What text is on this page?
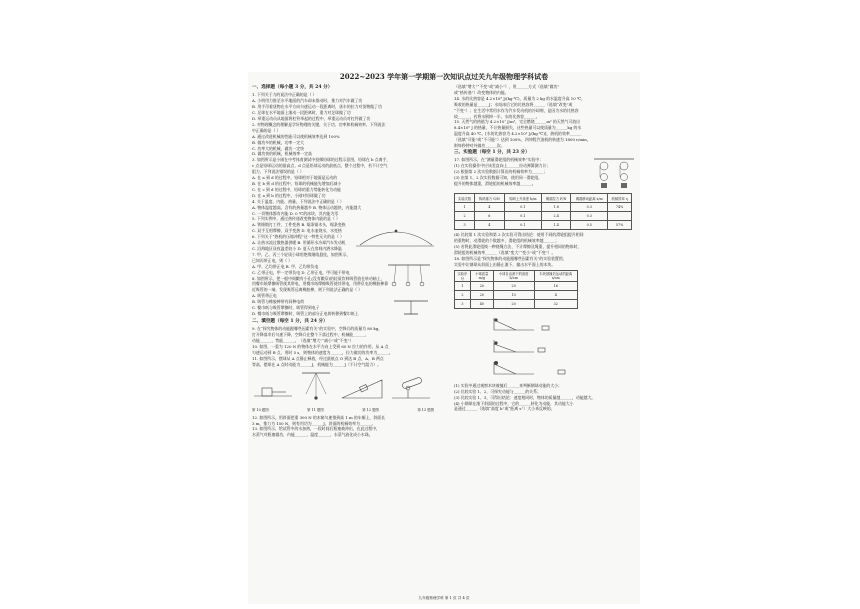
2022~2023 学年第一学期第一次知识点过关九年级物理学科试卷
一、选择题（每小题 3 分，共 24 分）
1. 下列关于力的说法中正确的是（ ）
A. 小明用力推至水平地面的汽车却未推动时，推力对汽车做了功
B. 用手吊着货物在水平方向匀速运动一段距离时，货车的拉力对货物做了功
C. 足球在水平地面上滚动一段距离时，重力对足球做了功
D. 举重运动员从地面将杠铃举起的过程中，举重运动员对杠铃做了功
2. 对物理概念的理解是学好物理的关键，关于功、功率和机械效率，下列说法
中正确的是（ ）
A. 通过改进机械的性能可以使机械效率达到 100%
B. 做功多的机械，功率一定大
C. 功率大的机械，做功一定快
D. 做功快的机械，机械效率一定高
3. 如图所示是小刚在中考体育测试中投掷铅球的过程示意图，铅球在 b 点离手，
c 点是铅球运动的最高点，d 点是铅球运动的最低点，整个过程中，若不计空气
阻力，下列说法错误的是（ ）
A. 在 a 到 d 的过程中，铅球相对于地面是运动的
B. 在 b 到 d 的过程中，铅球的机械能先增加后减小
C. 在 c 到 d 的过程中，铅球的重力势能转化为动能
D. 在 a 到 b 的过程中，小刚对铅球做了功
4. 关于温度、内能、热量，下列说法中正确的是（ ）
A. 物体温度越高，含有的热量越多 B. 物体运动越快，内能越大
C. 一切物体都有内能 D. 0 ℃的冰块，其内能为零
5. 下列实例中，通过热传递改变物体内能的是（ ）
A. 铁锤锻打工件，工件变热 B. 锯条锯木头，锯条变热
C. 双手互相摩擦，双手变热 D. 电水壶烧水，水变热
6. 下列关于“热机的压缩冲程”这一特性无关的是（ ）
A. 让热水流过散热器供暖 B. 用循环水冷却汽车发动机
C. 沿海地区昼夜温差较小 D. 夏天在房间内洒水降温
7. 甲、乙、丙三个轻质小球用绝缘细线悬挂，如图所示，
已知丙带正电，则（ ）
A. 甲、乙均带正电 B. 甲、乙均带负电
C. 乙带正电，甲一定带负电 D. 乙带正电，甲可能不带电
8. 如图所示，把一根中间戳有小孔(没有戳穿)的轻质饮料吸管放在转动轴上，
用餐巾纸摩擦吸管使其带电，用餐巾纸摩擦吸管使其带电，用带负电的橡胶棒靠
近吸管的一端，发现吸管远离橡胶棒，则下列说法正确的是（ ）
A. 吸管带正电
B. 吸管与橡胶棒带有同种电荷
C. 餐巾纸与吸管摩擦时，吸管得到电子
D. 餐巾纸与吸管摩擦时，吸管上的部分正电荷转移到餐巾纸上
二、填空题（每空 1 分，共 24 分）
9. 在“探究物体的动能跟哪些因素有关”的实验中，空降兵的质量为 80 kg，
打开降落伞后匀速下降，空降兵在整个下落过程中，机械能______，
动能______，势能______。（选填“增大”“减小”或“不变”）
10. 如图，一重为 120 N 的物体在水平方向上受到 60 N 拉力的作用，从 A 点
匀速运动到 B 点，用时 5 s，则物体的速度为______，拉力做功的功率为______。
11. 如图所示，摆球从 A 点静止释放，经过最低点 O 到达 B 点，A、B 两点
等高，摆球在 A 点时动能为______J，机械能为______J（不计空气阻力）。
第 10 题图	第 11 题图	第 12 题图	第 13 题图
12. 如图所示，用斜面把重 300 N 的木箱匀速推到高 1 m 的车厢上，斜面长
3 m，推力为 150 N，则有用功为______J，斜面的机械效率为______。
13. 如图所示，给试管中的水加热，一段时间后瓶塞被冲出，在此过程中，
水蒸气对瓶塞做功，内能______，温度______，水蒸气液化成小水珠。
（选填“增大”“不变”或“减小”），用______方式（选填“做功”
或“热传递”）改变物体的内能。
14. 水的比热容是 4.2×10³ J/(kg·℃)，质量为 2 kg 的水温度升高 10 ℃，
吸收的热量是______J；水结冰后它的比热容将______（选填“改变”或
“不变”）；在生活中常用水作为汽车发动机的冷却剂，是因为水的比热容
较______，若将水倒掉一半，水的比热容______。
15. 天然气的热值为 4.2×10⁷ J/m³，完全燃烧______m³ 的天然气可放出
8.4×10⁶ J 的热量，不计热量损失，这些热量可以使质量为______kg 的水
温度升高 40 ℃。[水的比热容为 4.2×10³ J/(kg·℃)]，热机的效率______
（选填“可能”或“不可能”）达到 100%，四冲程汽油机的转速为 1800 r/min，
则每秒钟对外做功______次。
三、实验题（每空 1 分，共 23 分）
17. 如图所示，在“测量滑轮组的机械效率”实验中：
(1) 在实验操作中应该竖直向上______拉动弹簧测力计；
(2) 根据第 2 次实验数据计算出的机械效率为______；
(3) 由第 1、2 次实验数据可知，使用同一滑轮组，
提升的物体越重，滑轮组的机械效率越______。
实验次数	钩码重力 G/N	钩码上升高度 h/m	绳端拉力 F/N	绳端移动距离 s/m	机械效率 η
1	4	0.1	1.8	0.3	74%
2	6	0.1	2.4	0.3	
3	4	0.1	1.4	0.5	57%
(4) 比较第 1 次实验和第 3 次实验可得出结论：使用不同的滑轮组提升相同
的重物时，动滑轮的个数越多，滑轮组的机械效率越______；
(5) 若将此滑轮组换一种绕绳方法，不计摩擦及绳重，提升相同的物体时，
滑轮组的机械效率______（选填“变大”“变小”或“不变”）。
18. 如图所示是“探究物体的动能跟哪些因素有关”的实验装置图，
实验中让钢球从斜面上由静止滚下，撞击水平面上的木块。
实验序号	小球质量 m/g	小球自由滚下的高度 h/cm	木块被撞后运动的距离 s/cm
1	20	20	16
2	20	10	4
3	40	20	32
(1) 实验中通过观察木块被撞后______来判断钢球动能的大小；
(2) 比较实验 1、2，可探究动能与______的关系；
(3) 比较实验 1、3，可得出结论：速度相同时，物体的质量越______，动能越大。
(4) 小钢球在滚下斜面的过程中，它的______转化为动能，其动能大小
是通过______（选填“高度 h”或“距离 s”）大小来反映的。
九年级物理学科 第 1 页 共 4 页
